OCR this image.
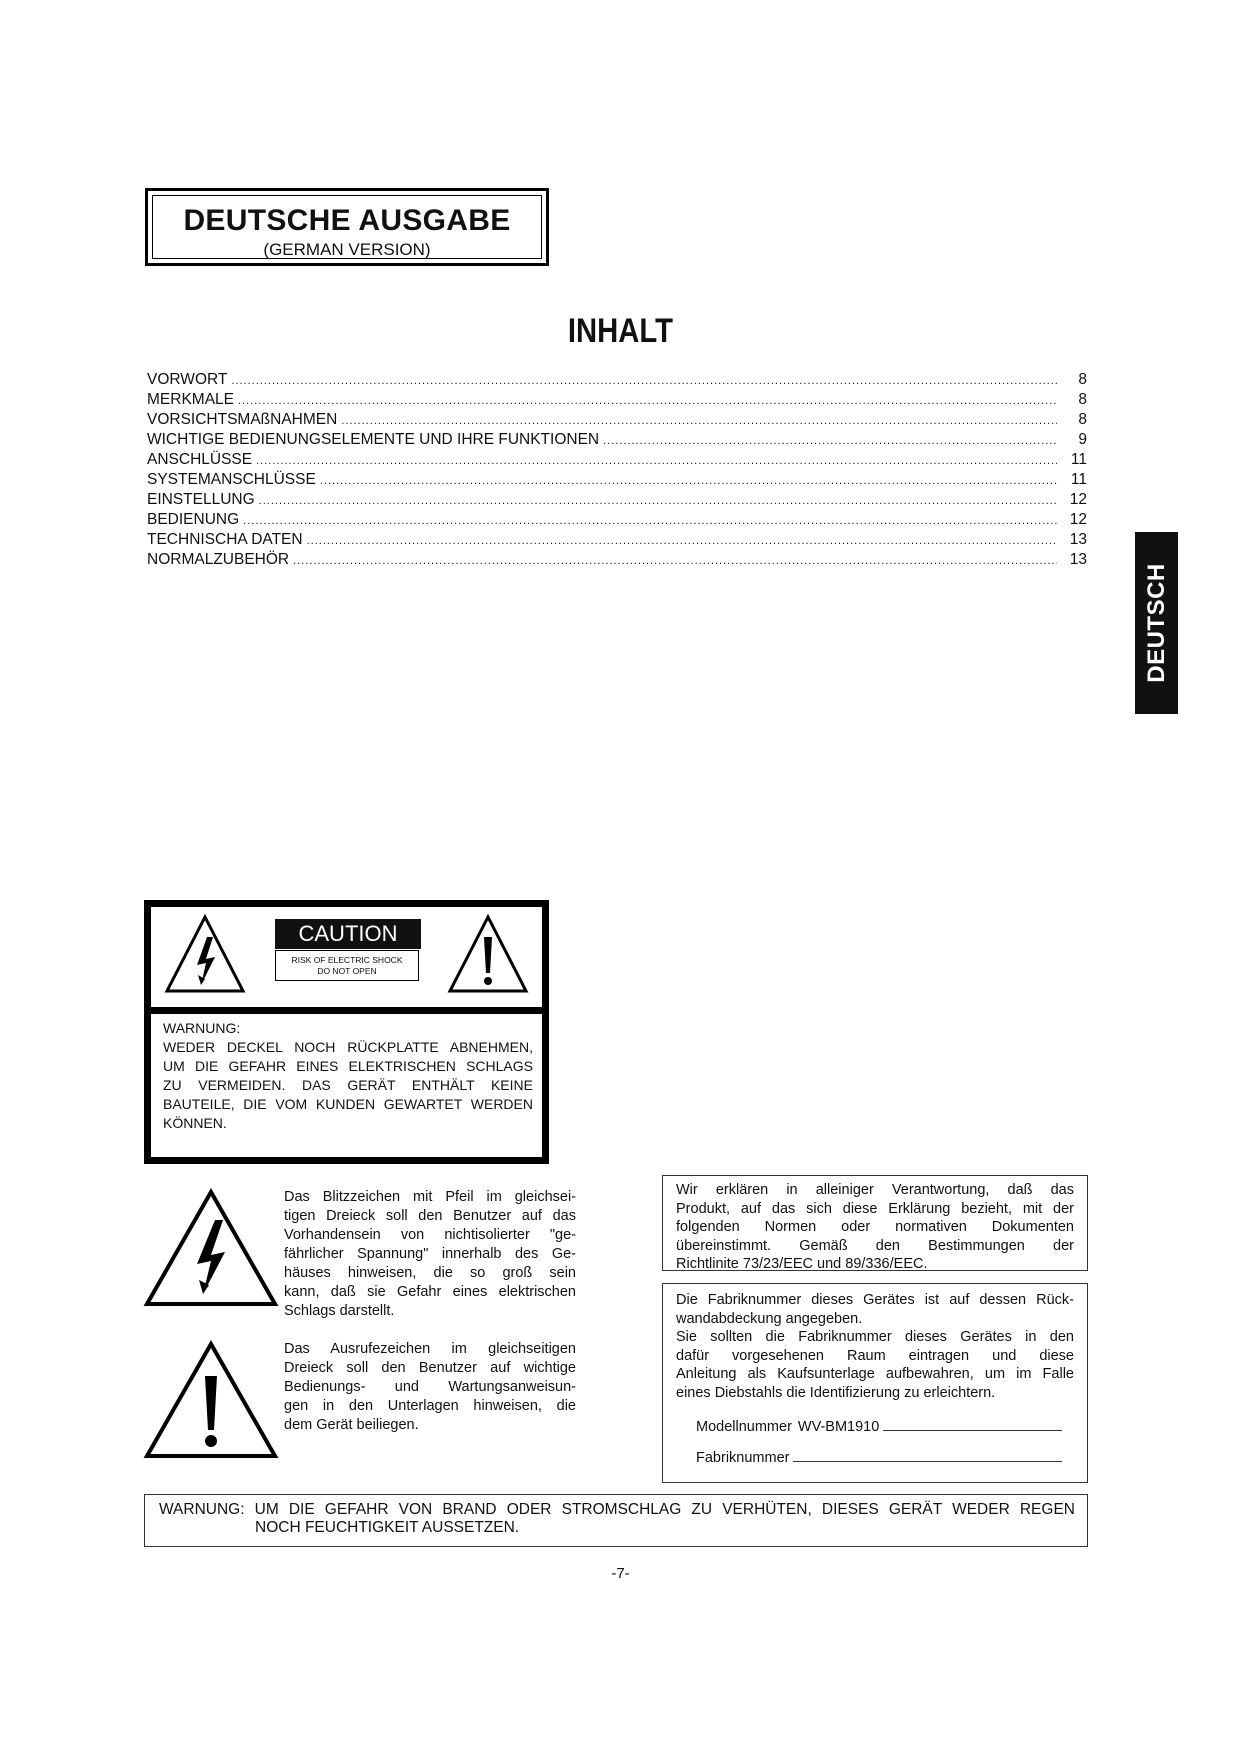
DEUTSCHE AUSGABE
(GERMAN VERSION)
INHALT
VORWORT .....	8
MERKMALE .....	8
VORSICHTSMAßNAHMEN .....	8
WICHTIGE BEDIENUNGSELEMENTE UND IHRE FUNKTIONEN .....	9
ANSCHLÜSSE .....	11
SYSTEMANSCHLÜSSE .....	11
EINSTELLUNG .....	12
BEDIENUNG .....	12
TECHNISCHA DATEN .....	13
NORMALZUBEHÖR .....	13
DEUTSCH
CAUTION
RISK OF ELECTRIC SHOCK
DO NOT OPEN
WARNUNG:
WEDER DECKEL NOCH RÜCKPLATTE ABNEHMEN,
UM DIE GEFAHR EINES ELEKTRISCHEN SCHLAGS
ZU VERMEIDEN. DAS GERÄT ENTHÄLT KEINE
BAUTEILE, DIE VOM KUNDEN GEWARTET WERDEN
KÖNNEN.
Das Blitzzeichen mit Pfeil im gleichsei-
tigen Dreieck soll den Benutzer auf das
Vorhandensein von nichtisolierter "ge-
fährlicher Spannung" innerhalb des Ge-
häuses hinweisen, die so groß sein
kann, daß sie Gefahr eines elektrischen
Schlags darstellt.
Das Ausrufezeichen im gleichseitigen
Dreieck soll den Benutzer auf wichtige
Bedienungs- und Wartungsanweisun-
gen in den Unterlagen hinweisen, die
dem Gerät beiliegen.
Wir erklären in alleiniger Verantwortung, daß das
Produkt, auf das sich diese Erklärung bezieht, mit der
folgenden Normen oder normativen Dokumenten
übereinstimmt. Gemäß den Bestimmungen der
Richtlinite 73/23/EEC und 89/336/EEC.
Die Fabriknummer dieses Gerätes ist auf dessen Rück-
wandabdeckung angegeben.
Sie sollten die Fabriknummer dieses Gerätes in den
dafür vorgesehenen Raum eintragen und diese
Anleitung als Kaufsunterlage aufbewahren, um im Falle
eines Diebstahls die Identifizierung zu erleichtern.
Modellnummer WV-BM1910
Fabriknummer
WARNUNG: UM DIE GEFAHR VON BRAND ODER STROMSCHLAG ZU VERHÜTEN, DIESES GERÄT WEDER REGEN
NOCH FEUCHTIGKEIT AUSSETZEN.
-7-
